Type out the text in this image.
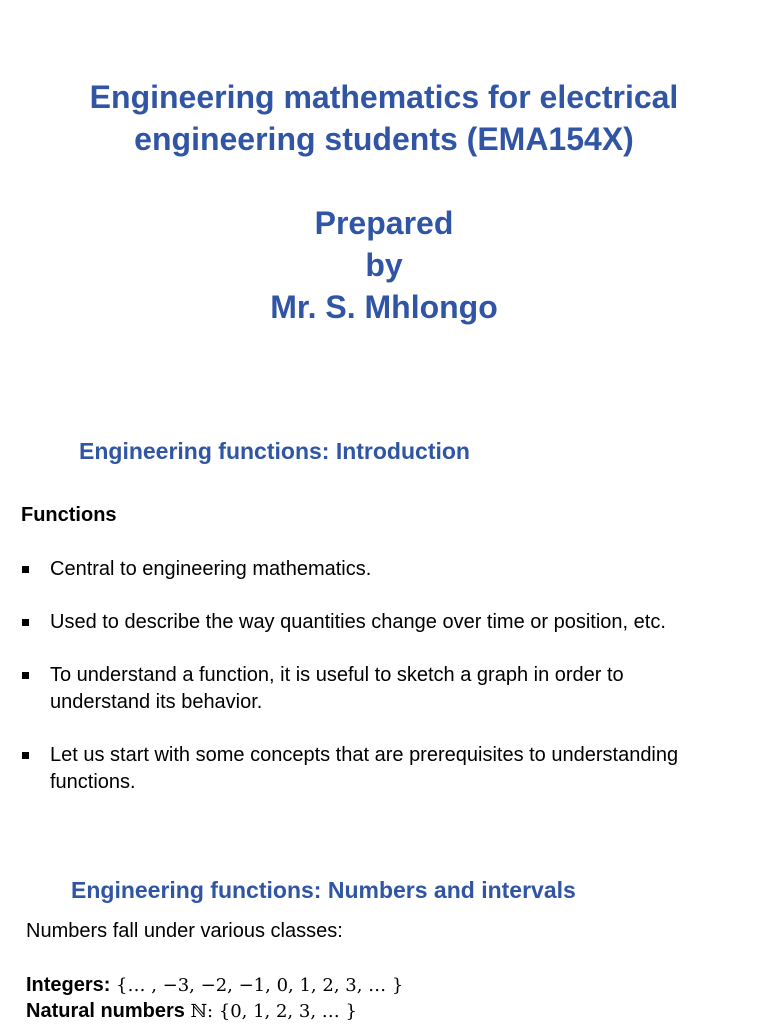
Engineering mathematics for electrical
engineering students (EMA154X)
Prepared
by
Mr. S. Mhlongo
Engineering functions: Introduction
Functions
Central to engineering mathematics.
Used to describe the way quantities change over time or position, etc.
To understand a function, it is useful to sketch a graph in order to understand its behavior.
Let us start with some concepts that are prerequisites to understanding functions.
Engineering functions: Numbers and intervals
Numbers fall under various classes:
Integers: {… , −3, −2, −1, 0, 1, 2, 3, … }
Natural numbers ℕ: {0, 1, 2, 3, … }
